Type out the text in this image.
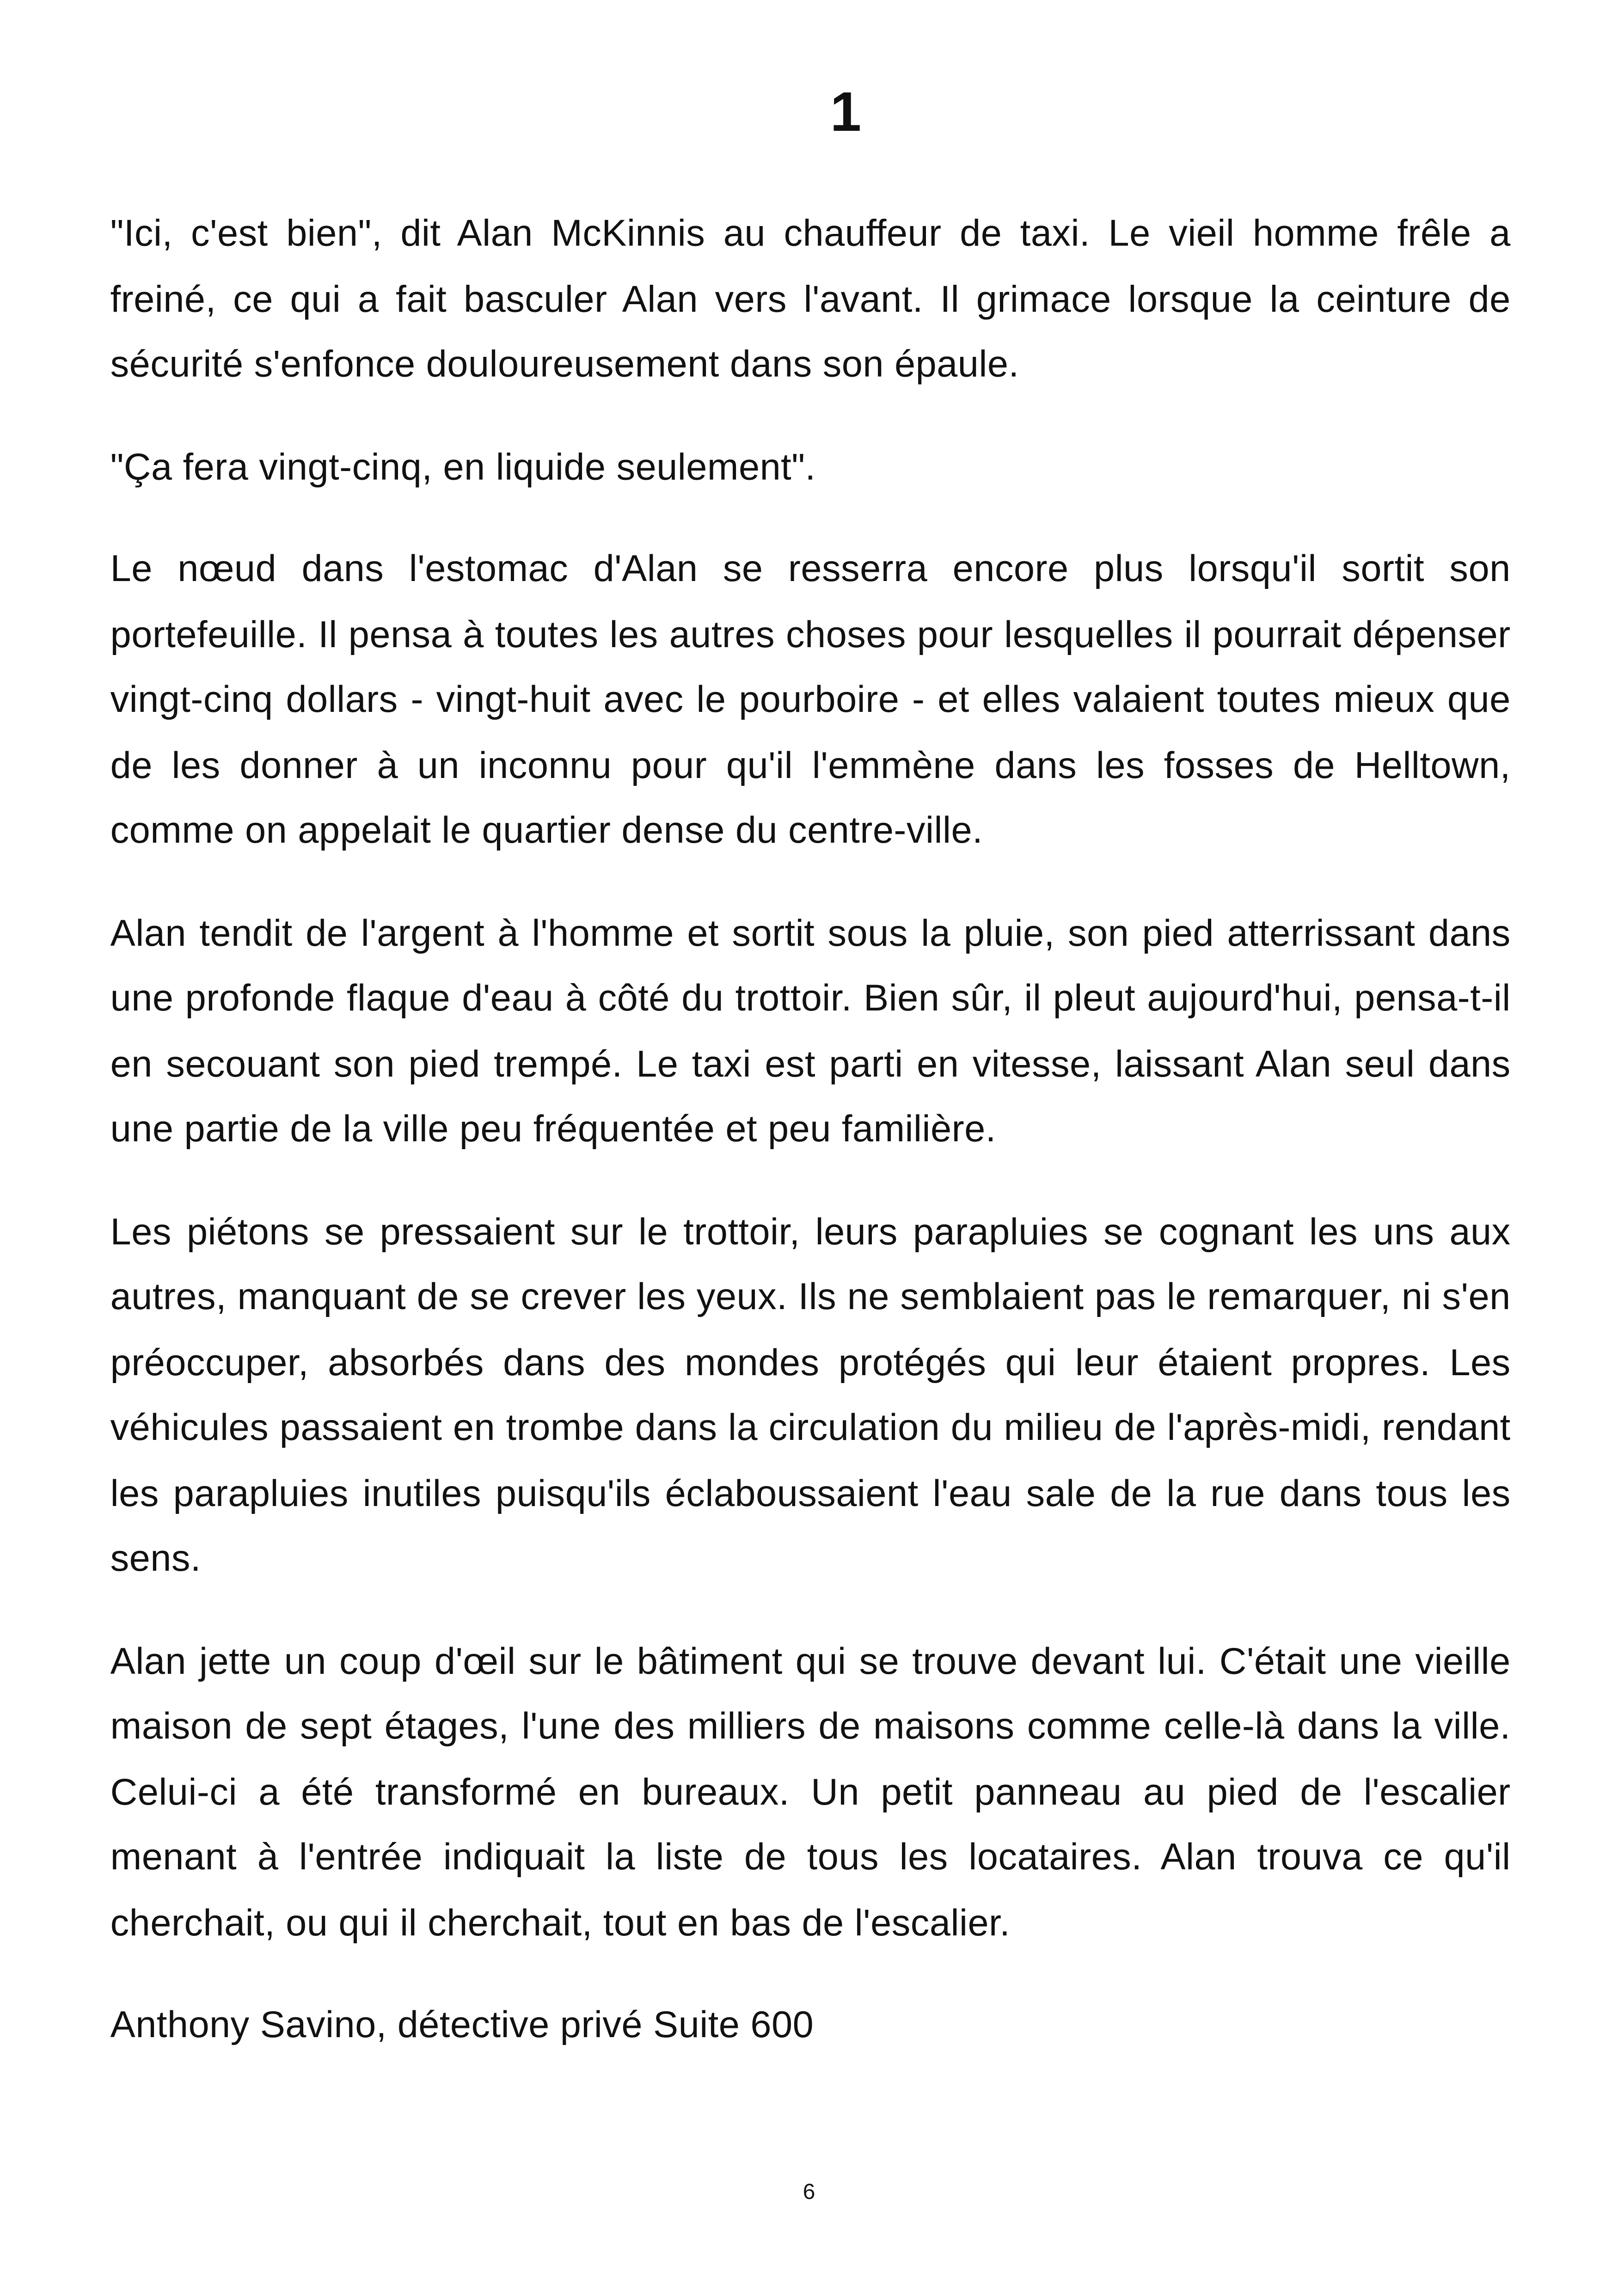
1

"Ici, c'est bien", dit Alan McKinnis au chauffeur de taxi. Le vieil homme frêle a freiné, ce qui a fait basculer Alan vers l'avant. Il grimace lorsque la ceinture de sécurité s'enfonce douloureusement dans son épaule.

"Ça fera vingt-cinq, en liquide seulement".

Le nœud dans l'estomac d'Alan se resserra encore plus lorsqu'il sortit son portefeuille. Il pensa à toutes les autres choses pour lesquelles il pourrait dépenser vingt-cinq dollars - vingt-huit avec le pourboire - et elles valaient toutes mieux que de les donner à un inconnu pour qu'il l'emmène dans les fosses de Helltown, comme on appelait le quartier dense du centre-ville.

Alan tendit de l'argent à l'homme et sortit sous la pluie, son pied atterrissant dans une profonde flaque d'eau à côté du trottoir. Bien sûr, il pleut aujourd'hui, pensa-t-il en secouant son pied trempé. Le taxi est parti en vitesse, laissant Alan seul dans une partie de la ville peu fréquentée et peu familière.

Les piétons se pressaient sur le trottoir, leurs parapluies se cognant les uns aux autres, manquant de se crever les yeux. Ils ne semblaient pas le remarquer, ni s'en préoccuper, absorbés dans des mondes protégés qui leur étaient propres. Les véhicules passaient en trombe dans la circulation du milieu de l'après-midi, rendant les parapluies inutiles puisqu'ils éclaboussaient l'eau sale de la rue dans tous les sens.

Alan jette un coup d'œil sur le bâtiment qui se trouve devant lui. C'était une vieille maison de sept étages, l'une des milliers de maisons comme celle-là dans la ville. Celui-ci a été transformé en bureaux. Un petit panneau au pied de l'escalier menant à l'entrée indiquait la liste de tous les locataires. Alan trouva ce qu'il cherchait, ou qui il cherchait, tout en bas de l'escalier.

Anthony Savino, détective privé Suite 600

6
